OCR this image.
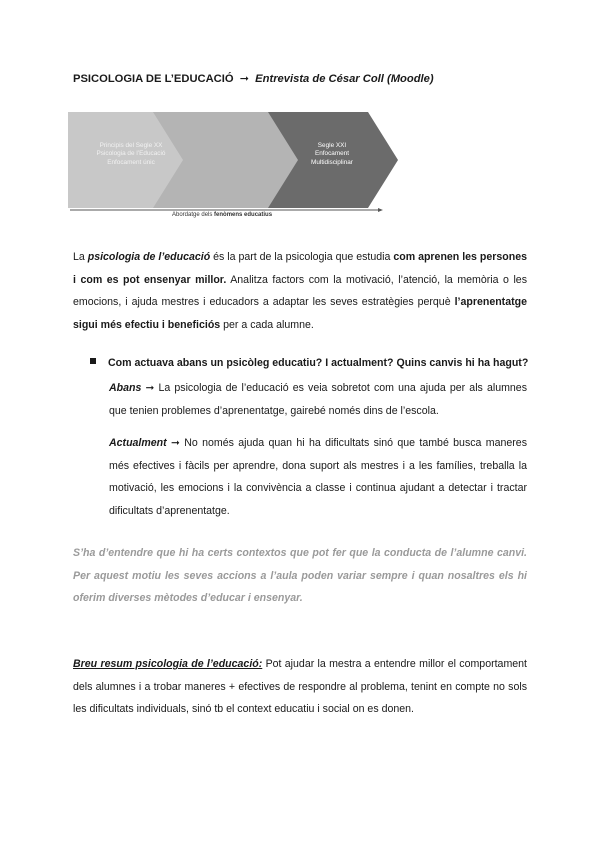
PSICOLOGIA DE L’EDUCACIÓ ➞ Entrevista de César Coll (Moodle)
Principis del Segle XX
Psicologia de l’Educació
Enfocament únic
Segle XXI
Enfocament
Multidisciplinar
Abordatge dels fenòmens educatius
La psicologia de l’educació és la part de la psicologia que estudia com aprenen les persones i com es pot ensenyar millor. Analitza factors com la motivació, l’atenció, la memòria o les emocions, i ajuda mestres i educadors a adaptar les seves estratègies perquè l’aprenentatge sigui més efectiu i beneficiós per a cada alumne.
Com actuava abans un psicòleg educatiu? I actualment? Quins canvis hi ha hagut?
Abans ➞ La psicologia de l’educació es veia sobretot com una ajuda per als alumnes que tenien problemes d’aprenentatge, gairebé només dins de l’escola.
Actualment ➞ No només ajuda quan hi ha dificultats sinó que també busca maneres més efectives i fàcils per aprendre, dona suport als mestres i a les famílies, treballa la motivació, les emocions i la convivència a classe i continua ajudant a detectar i tractar dificultats d’aprenentatge.
S’ha d’entendre que hi ha certs contextos que pot fer que la conducta de l’alumne canvi. Per aquest motiu les seves accions a l’aula poden variar sempre i quan nosaltres els hi oferim diverses mètodes d’educar i ensenyar.
Breu resum psicologia de l’educació: Pot ajudar la mestra a entendre millor el comportament dels alumnes i a trobar maneres + efectives de respondre al problema, tenint en compte no sols les dificultats individuals, sinó tb el context educatiu i social on es donen.
